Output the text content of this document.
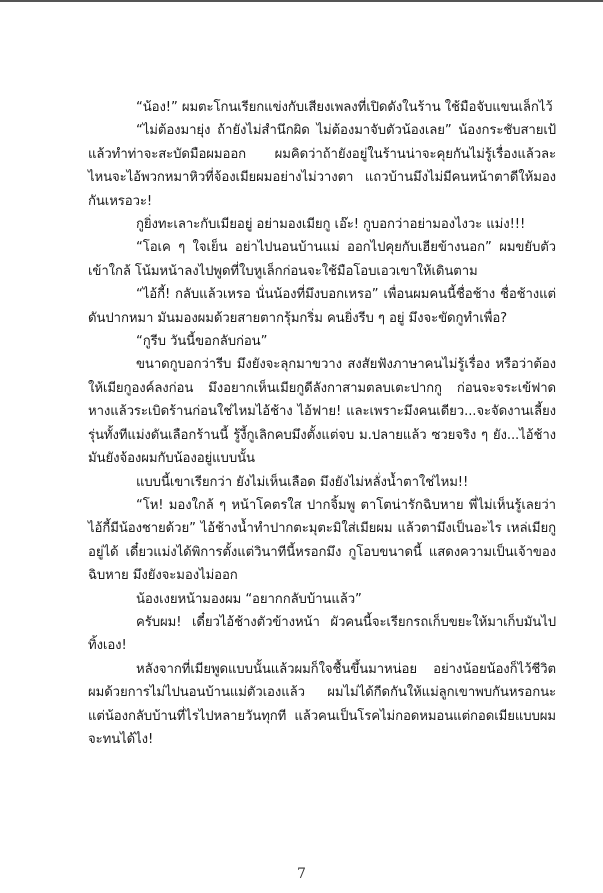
“น้อง!” ผมตะโกนเรียกแข่งกับเสียงเพลงที่เปิดดังในร้าน ใช้มือจับแขนเล็กไว้

“ไม่ต้องมายุ่ง ถ้ายังไม่สำนึกผิด ไม่ต้องมาจับตัวน้องเลย” น้องกระชับสายเป้แล้วทำท่าจะสะบัดมือผมออก ผมคิดว่าถ้ายังอยู่ในร้านน่าจะคุยกันไม่รู้เรื่องแล้วละ ไหนจะไอ้พวกหมาหิวที่จ้องเมียผมอย่างไม่วางตา แถวบ้านมึงไม่มีคนหน้าตาดีให้มองกันเหรอวะ!

กูยิ่งทะเลาะกับเมียอยู่ อย่ามองเมียกู เอ๊ะ! กูบอกว่าอย่ามองไงวะ แม่ง!!!

“โอเค ๆ ใจเย็น อย่าไปนอนบ้านแม่ ออกไปคุยกับเฮียข้างนอก” ผมขยับตัวเข้าใกล้ โน้มหน้าลงไปพูดที่ใบหูเล็กก่อนจะใช้มือโอบเอวเขาให้เดินตาม

“ไอ้กี้! กลับแล้วเหรอ นั่นน้องที่มึงบอกเหรอ” เพื่อนผมคนนี้ชื่อช้าง ชื่อช้างแต่ดันปากหมา มันมองผมด้วยสายตากรุ้มกริ่ม คนยิ่งรีบ ๆ อยู่ มึงจะขัดกูทำเพื่อ?

“กูรีบ วันนี้ขอกลับก่อน”

ขนาดกูบอกว่ารีบ มึงยังจะลุกมาขวาง สงสัยฟังภาษาคนไม่รู้เรื่อง หรือว่าต้องให้เมียกูองค์ลงก่อน มึงอยากเห็นเมียกูดีลังกาสามตลบเตะปากกู ก่อนจะจระเข้ฟาดหางแล้วระเบิดร้านก่อนใช่ไหมไอ้ช้าง ไอ้ฟาย! และเพราะมึงคนเดียว...จะจัดงานเลี้ยงรุ่นทั้งทีแม่งดันเลือกร้านนี้ รู้งี้กูเลิกคบมึงตั้งแต่จบ ม.ปลายแล้ว ซวยจริง ๆ ยัง...ไอ้ช้างมันยังจ้องผมกับน้องอยู่แบบนั้น

แบบนี้เขาเรียกว่า ยังไม่เห็นเลือด มึงยังไม่หลั่งน้ำตาใช่ไหม!!

“โห! มองใกล้ ๆ หน้าโคตรใส ปากจิ้มพู ตาโตน่ารักฉิบหาย พี่ไม่เห็นรู้เลยว่าไอ้กี้มีน้องชายด้วย” ไอ้ช้างน้ำทำปากตะมุตะมิใส่เมียผม แล้วตามึงเป็นอะไร เหล่เมียกูอยู่ได้ เดี๋ยวแม่งได้พิการตั้งแต่วินาทีนี้หรอกมึง กูโอบขนาดนี้ แสดงความเป็นเจ้าของฉิบหาย มึงยังจะมองไม่ออก

น้องเงยหน้ามองผม “อยากกลับบ้านแล้ว”

ครับผม! เดี๋ยวไอ้ช้างตัวข้างหน้า ผัวคนนี้จะเรียกรถเก็บขยะให้มาเก็บมันไปทิ้งเอง!

หลังจากที่เมียพูดแบบนั้นแล้วผมก็ใจชื้นขึ้นมาหน่อย อย่างน้อยน้องก็ไว้ชีวิตผมด้วยการไม่ไปนอนบ้านแม่ตัวเองแล้ว ผมไม่ได้กีดกันให้แม่ลูกเขาพบกันหรอกนะ แต่น้องกลับบ้านที่ไรไปหลายวันทุกที แล้วคนเป็นโรคไม่กอดหมอนแต่กอดเมียแบบผมจะทนได้ไง!

7
